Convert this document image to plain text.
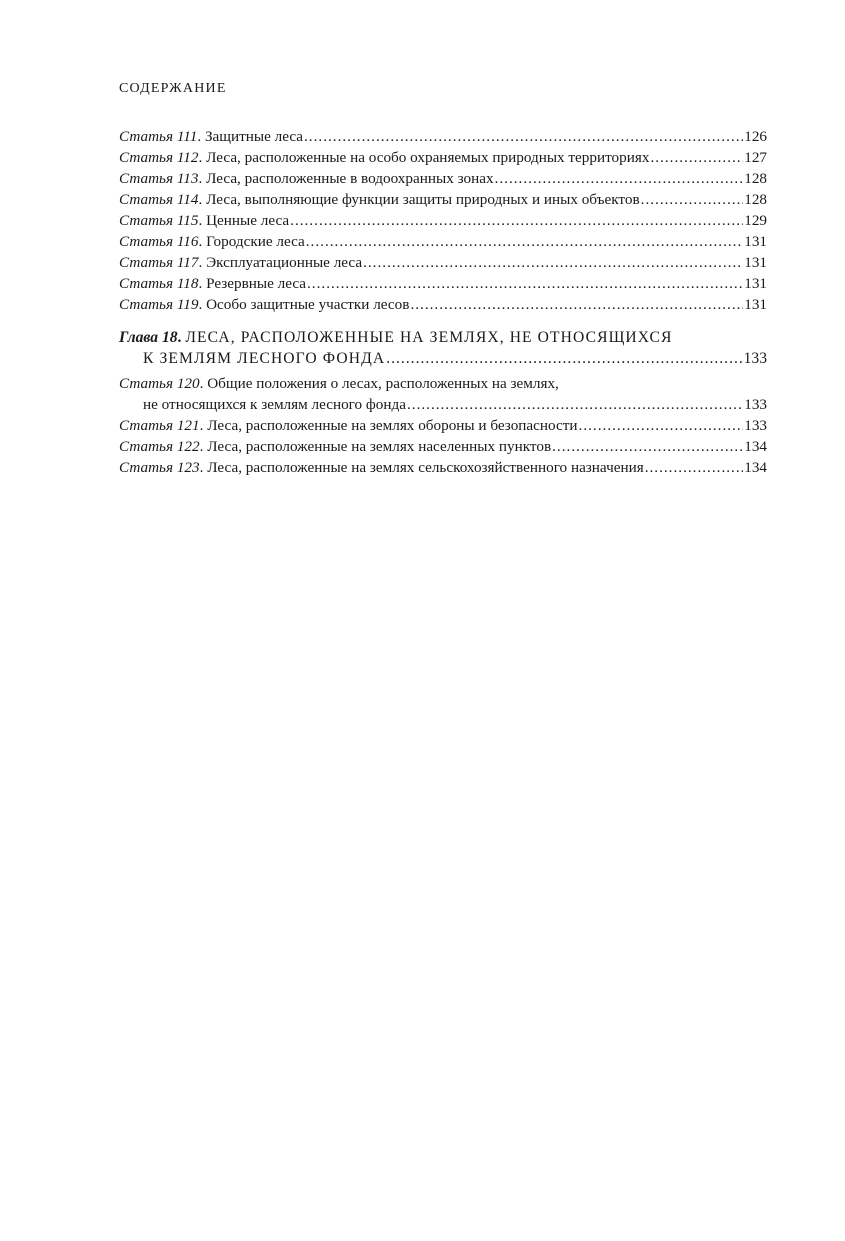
СОДЕРЖАНИЕ
Статья 111. Защитные леса .....	126
Статья 112. Леса, расположенные на особо охраняемых природных территориях .....	127
Статья 113. Леса, расположенные в водоохранных зонах .....	128
Статья 114. Леса, выполняющие функции защиты природных и иных объектов .....	128
Статья 115. Ценные леса .....	129
Статья 116. Городские леса .....	131
Статья 117. Эксплуатационные леса .....	131
Статья 118. Резервные леса .....	131
Статья 119. Особо защитные участки лесов .....	131
Глава 18. ЛЕСА, РАСПОЛОЖЕННЫЕ НА ЗЕМЛЯХ, НЕ ОТНОСЯЩИХСЯ
К ЗЕМЛЯМ ЛЕСНОГО ФОНДА .....	133
Статья 120. Общие положения о лесах, расположенных на землях,
не относящихся к землям лесного фонда .....	133
Статья 121. Леса, расположенные на землях обороны и безопасности .....	133
Статья 122. Леса, расположенные на землях населенных пунктов .....	134
Статья 123. Леса, расположенные на землях сельскохозяйственного назначения .....	134
